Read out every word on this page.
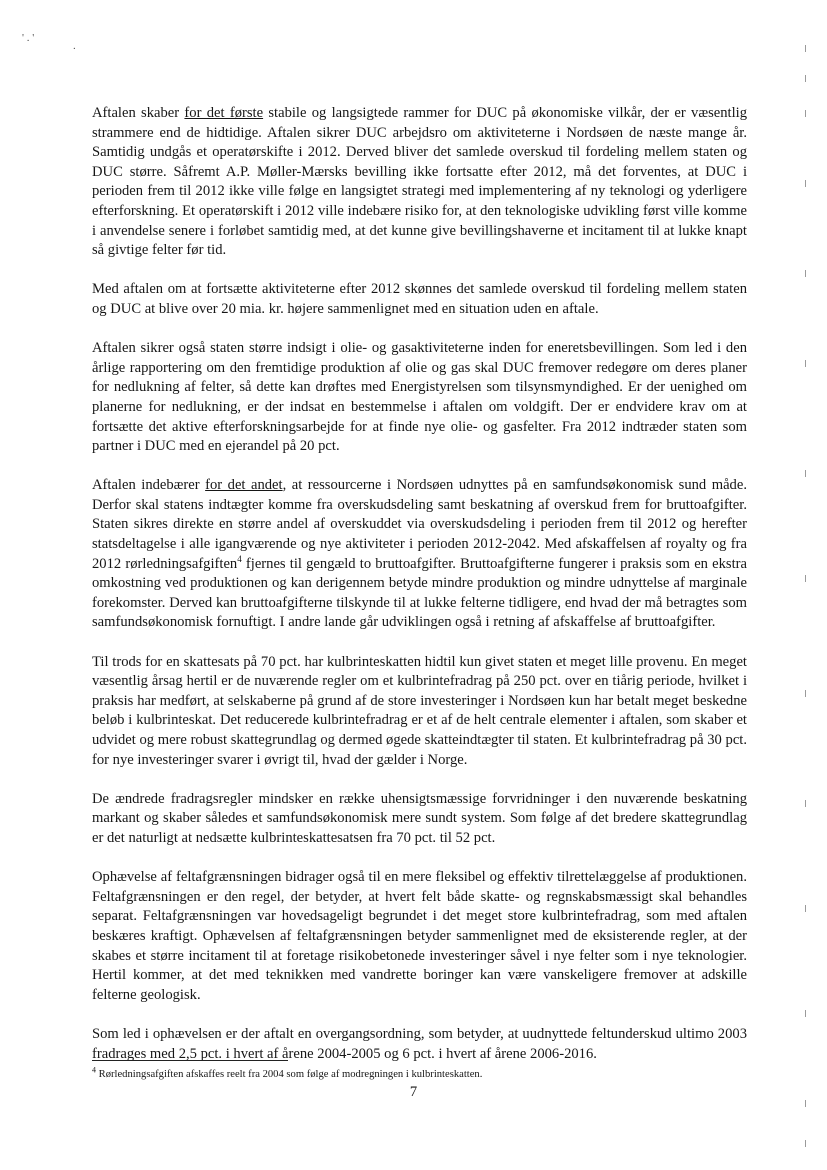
' . '
.

Aftalen skaber for det første stabile og langsigtede rammer for DUC på økonomiske vilkår, der er væsentlig strammere end de hidtidige. Aftalen sikrer DUC arbejdsro om aktiviteterne i Nordsøen de næste mange år. Samtidig undgås et operatørskifte i 2012. Derved bliver det samlede overskud til fordeling mellem staten og DUC større. Såfremt A.P. Møller-Mærsks bevilling ikke fortsatte efter 2012, må det forventes, at DUC i perioden frem til 2012 ikke ville følge en langsigtet strategi med implementering af ny teknologi og yderligere efterforskning. Et operatørskift i 2012 ville indebære risiko for, at den teknologiske udvikling først ville komme i anvendelse senere i forløbet samtidig med, at det kunne give bevillingshaverne et incitament til at lukke knapt så givtige felter før tid.

Med aftalen om at fortsætte aktiviteterne efter 2012 skønnes det samlede overskud til fordeling mellem staten og DUC at blive over 20 mia. kr. højere sammenlignet med en situation uden en aftale.

Aftalen sikrer også staten større indsigt i olie- og gasaktiviteterne inden for eneretsbevillingen. Som led i den årlige rapportering om den fremtidige produktion af olie og gas skal DUC fremover redegøre om deres planer for nedlukning af felter, så dette kan drøftes med Energistyrelsen som tilsynsmyndighed. Er der uenighed om planerne for nedlukning, er der indsat en bestemmelse i aftalen om voldgift. Der er endvidere krav om at fortsætte det aktive efterforskningsarbejde for at finde nye olie- og gasfelter. Fra 2012 indtræder staten som partner i DUC med en ejerandel på 20 pct.

Aftalen indebærer for det andet, at ressourcerne i Nordsøen udnyttes på en samfundsøkonomisk sund måde. Derfor skal statens indtægter komme fra overskudsdeling samt beskatning af overskud frem for bruttoafgifter. Staten sikres direkte en større andel af overskuddet via overskudsdeling i perioden frem til 2012 og herefter statsdeltagelse i alle igangværende og nye aktiviteter i perioden 2012-2042. Med afskaffelsen af royalty og fra 2012 rørledningsafgiften$^4$ fjernes til gengæld to bruttoafgifter. Bruttoafgifterne fungerer i praksis som en ekstra omkostning ved produktionen og kan derigennem betyde mindre produktion og mindre udnyttelse af marginale forekomster. Derved kan bruttoafgifterne tilskynde til at lukke felterne tidligere, end hvad der må betragtes som samfundsøkonomisk fornuftigt. I andre lande går udviklingen også i retning af afskaffelse af bruttoafgifter.

Til trods for en skattesats på 70 pct. har kulbrinteskatten hidtil kun givet staten et meget lille provenu. En meget væsentlig årsag hertil er de nuværende regler om et kulbrintefradrag på 250 pct. over en tiårig periode, hvilket i praksis har medført, at selskaberne på grund af de store investeringer i Nordsøen kun har betalt meget beskedne beløb i kulbrinteskat. Det reducerede kulbrintefradrag er et af de helt centrale elementer i aftalen, som skaber et udvidet og mere robust skattegrundlag og dermed øgede skatteindtægter til staten. Et kulbrintefradrag på 30 pct. for nye investeringer svarer i øvrigt til, hvad der gælder i Norge.

De ændrede fradragsregler mindsker en række uhensigtsmæssige forvridninger i den nuværende beskatning markant og skaber således et samfundsøkonomisk mere sundt system. Som følge af det bredere skattegrundlag er det naturligt at nedsætte kulbrinteskattesatsen fra 70 pct. til 52 pct.

Ophævelse af feltafgrænsningen bidrager også til en mere fleksibel og effektiv tilrettelæggelse af produktionen. Feltafgrænsningen er den regel, der betyder, at hvert felt både skatte- og regnskabsmæssigt skal behandles separat. Feltafgrænsningen var hovedsageligt begrundet i det meget store kulbrintefradrag, som med aftalen beskæres kraftigt. Ophævelsen af feltafgrænsningen betyder sammenlignet med de eksisterende regler, at der skabes et større incitament til at foretage risikobetonede investeringer såvel i nye felter som i nye teknologier. Hertil kommer, at det med teknikken med vandrette boringer kan være vanskeligere fremover at adskille felterne geologisk.

Som led i ophævelsen er der aftalt en overgangsordning, som betyder, at uudnyttede feltunderskud ultimo 2003 fradrages med 2,5 pct. i hvert af årene 2004-2005 og 6 pct. i hvert af årene 2006-2016.

$^4$ Rørledningsafgiften afskaffes reelt fra 2004 som følge af modregningen i kulbrinteskatten.
7
